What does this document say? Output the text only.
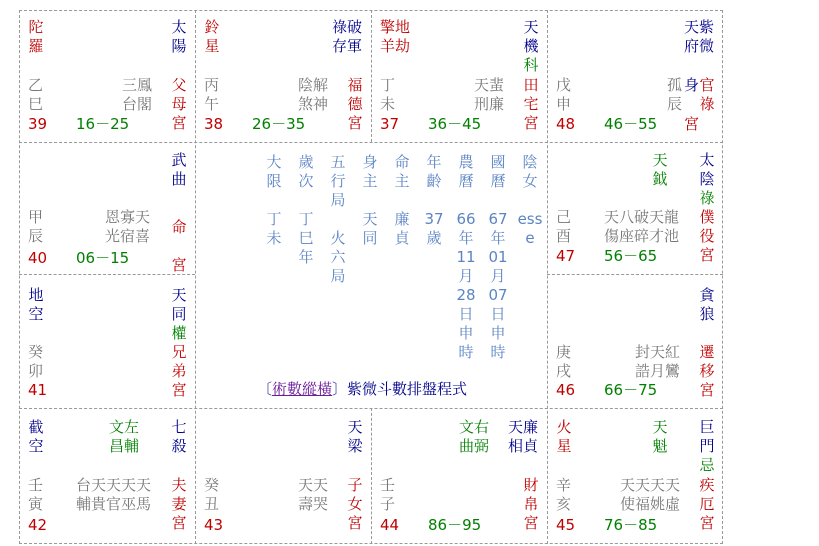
陀羅
太陽
乙
巳
三鳳
台閣
父母宮
39 16－25
鈴星
祿破
存軍
丙
午
陰解
煞神
福德宮
38 26－35
擎地
羊劫
天機
科
丁
未
天蜚
刑廉
田宅宮
37 36－45
天紫
府微
戊
申
孤
辰
身 官祿
48 46－55 宮
武曲
甲
辰
恩寡天
光宿喜 命宮
40 06－15
天鉞
太陰
祿
己
酉
天八破天龍
傷座碎才池
僕役宮
47 56－65
地空
天同
權
癸
卯
兄弟宮
41
貪狼
庚
戌
封天紅
誥月鸞
遷移宮
46 66－75
截空
文左
昌輔
七殺
壬
寅
台天天天天
輔貴官巫馬
夫妻宮
42
天梁
癸
丑
天天
壽哭
子女宮
43
文右
曲弼
天廉
相貞
壬
子
財帛宮
44 86－95
火星
天魁
巨門
忌
辛
亥
天天天天
使福姚虛
疾厄宮
45 76－85
大限
丁未
歲次
丁巳年
五行局
火六局
身主
天同
命主
廉貞
年齡
37歲
農曆
66年11月28日申時
國曆
67年01月07日申時
陰女
esse
〔術數縱橫〕紫微斗數排盤程式
